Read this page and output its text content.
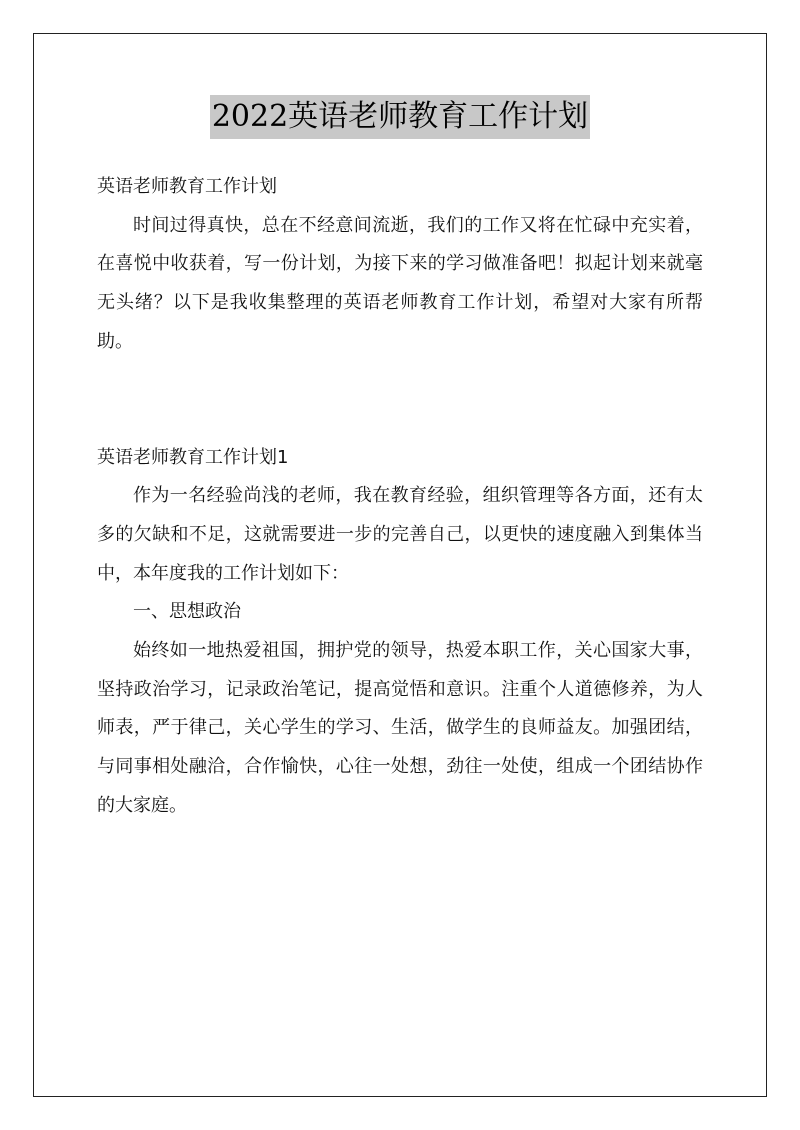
2022英语老师教育工作计划

英语老师教育工作计划

时间过得真快，总在不经意间流逝，我们的工作又将在忙碌中充实着，在喜悦中收获着，写一份计划，为接下来的学习做准备吧！拟起计划来就毫无头绪？以下是我收集整理的英语老师教育工作计划，希望对大家有所帮助。

英语老师教育工作计划1

作为一名经验尚浅的老师，我在教育经验，组织管理等各方面，还有太多的欠缺和不足，这就需要进一步的完善自己，以更快的速度融入到集体当中，本年度我的工作计划如下：

一、思想政治

始终如一地热爱祖国，拥护党的领导，热爱本职工作，关心国家大事，坚持政治学习，记录政治笔记，提高觉悟和意识。注重个人道德修养，为人师表，严于律己，关心学生的学习、生活，做学生的良师益友。加强团结，与同事相处融洽，合作愉快，心往一处想，劲往一处使，组成一个团结协作的大家庭。
